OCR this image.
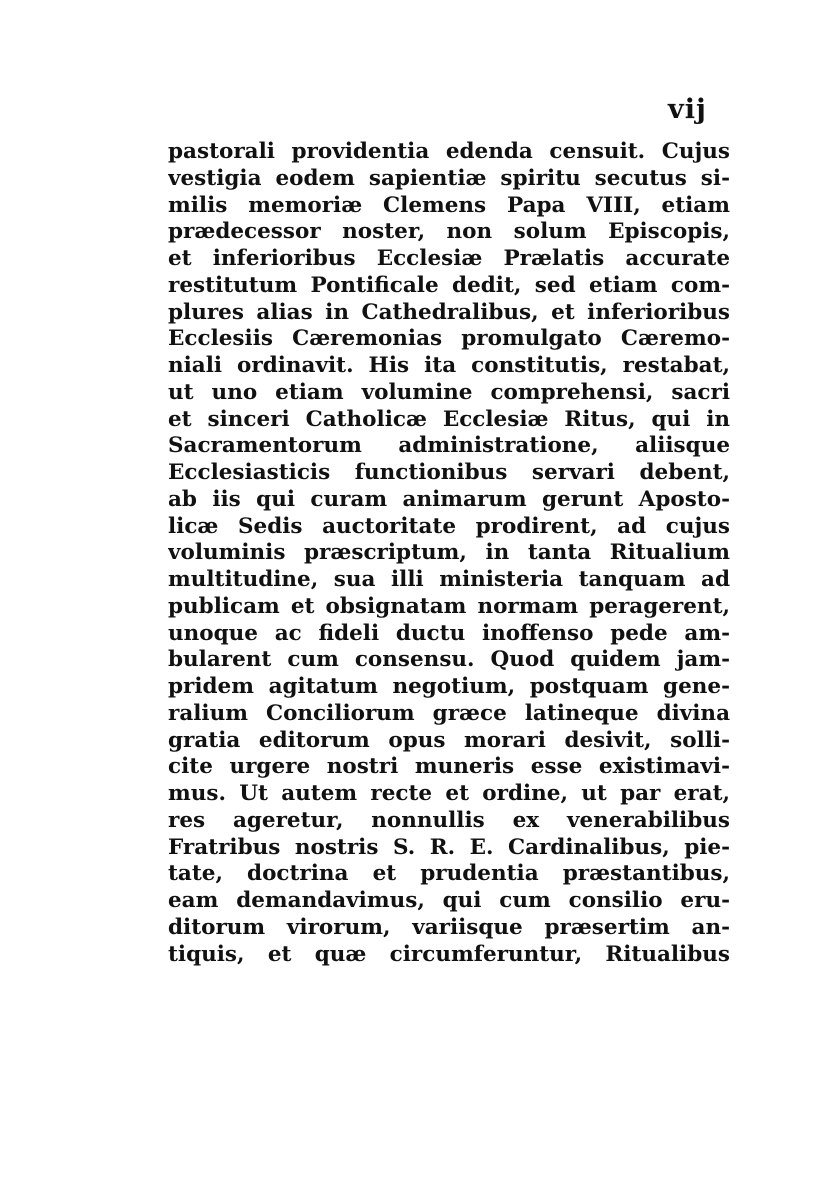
vij
pastorali providentia edenda censuit. Cujus
vestigia eodem sapientiæ spiritu secutus si-
milis memoriæ Clemens Papa VIII, etiam
prædecessor noster, non solum Episcopis,
et inferioribus Ecclesiæ Prælatis accurate
restitutum Pontificale dedit, sed etiam com-
plures alias in Cathedralibus, et inferioribus
Ecclesiis Cæremonias promulgato Cæremo-
niali ordinavit. His ita constitutis, restabat,
ut uno etiam volumine comprehensi, sacri
et sinceri Catholicæ Ecclesiæ Ritus, qui in
Sacramentorum administratione, aliisque
Ecclesiasticis functionibus servari debent,
ab iis qui curam animarum gerunt Aposto-
licæ Sedis auctoritate prodirent, ad cujus
voluminis præscriptum, in tanta Ritualium
multitudine, sua illi ministeria tanquam ad
publicam et obsignatam normam peragerent,
unoque ac fideli ductu inoffenso pede am-
bularent cum consensu. Quod quidem jam-
pridem agitatum negotium, postquam gene-
ralium Conciliorum græce latineque divina
gratia editorum opus morari desivit, solli-
cite urgere nostri muneris esse existimavi-
mus. Ut autem recte et ordine, ut par erat,
res ageretur, nonnullis ex venerabilibus
Fratribus nostris S. R. E. Cardinalibus, pie-
tate, doctrina et prudentia præstantibus,
eam demandavimus, qui cum consilio eru-
ditorum virorum, variisque præsertim an-
tiquis, et quæ circumferuntur, Ritualibus
